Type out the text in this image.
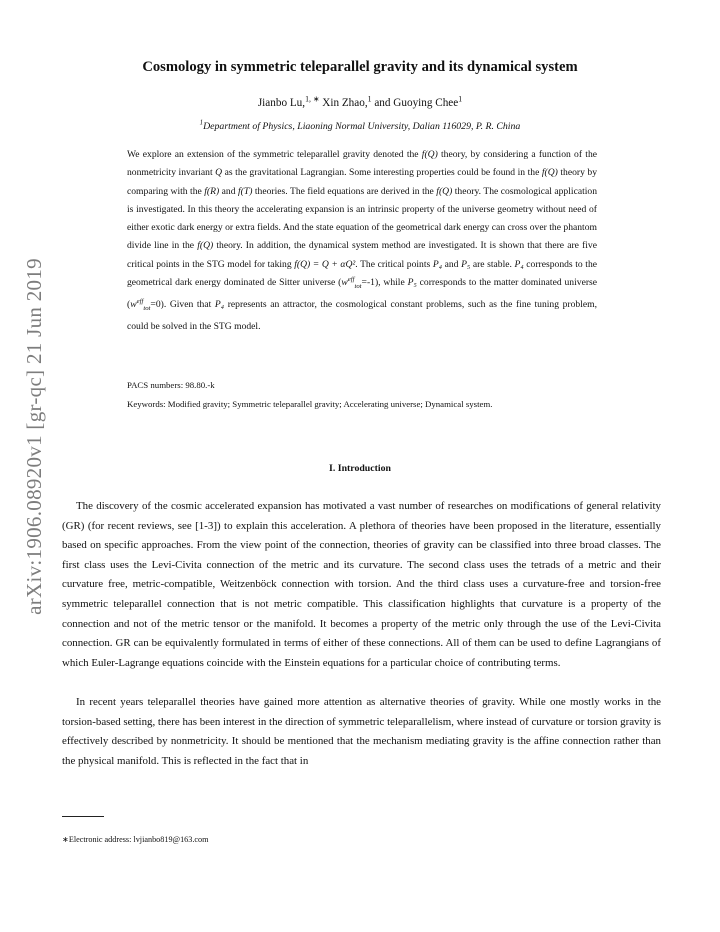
arXiv:1906.08920v1 [gr-qc] 21 Jun 2019
Cosmology in symmetric teleparallel gravity and its dynamical system
Jianbo Lu,$^{1, ∗}$ Xin Zhao,$^1$ and Guoying Chee$^1$
$^1$Department of Physics, Liaoning Normal University, Dalian 116029, P. R. China

We explore an extension of the symmetric teleparallel gravity denoted the f(Q) theory, by considering a function of the nonmetricity invariant Q as the gravitational Lagrangian. Some interesting properties could be found in the f(Q) theory by comparing with the f(R) and f(T) theories. The field equations are derived in the f(Q) theory. The cosmological application is investigated. In this theory the accelerating expansion is an intrinsic property of the universe geometry without need of either exotic dark energy or extra fields. And the state equation of the geometrical dark energy can cross over the phantom divide line in the f(Q) theory. In addition, the dynamical system method are investigated. It is shown that there are five critical points in the STG model for taking f(Q) = Q + αQ². The critical points P₄ and P₅ are stable. P₄ corresponds to the geometrical dark energy dominated de Sitter universe $(w^{eff}_{tot}=-1)$, while P₅ corresponds to the matter dominated universe $(w^{eff}_{tot}=0)$. Given that P₄ represents an attractor, the cosmological constant problems, such as the fine tuning problem, could be solved in the STG model.

PACS numbers: 98.80.-k
Keywords: Modified gravity; Symmetric teleparallel gravity; Accelerating universe; Dynamical system.
I. Introduction

The discovery of the cosmic accelerated expansion has motivated a vast number of researches on modifications of general relativity (GR) (for recent reviews, see [1-3]) to explain this acceleration. A plethora of theories have been proposed in the literature, essentially based on specific approaches. From the view point of the connection, theories of gravity can be classified into three broad classes. The first class uses the Levi-Civita connection of the metric and its curvature. The second class uses the tetrads of a metric and their curvature free, metric-compatible, Weitzenböck connection with torsion. And the third class uses a curvature-free and torsion-free symmetric teleparallel connection that is not metric compatible. This classification highlights that curvature is a property of the connection and not of the metric tensor or the manifold. It becomes a property of the metric only through the use of the Levi-Civita connection. GR can be equivalently formulated in terms of either of these connections. All of them can be used to define Lagrangians of which Euler-Lagrange equations coincide with the Einstein equations for a particular choice of contributing terms.

In recent years teleparallel theories have gained more attention as alternative theories of gravity. While one mostly works in the torsion-based setting, there has been interest in the direction of symmetric teleparallelism, where instead of curvature or torsion gravity is effectively described by nonmetricity. It should be mentioned that the mechanism mediating gravity is the affine connection rather than the physical manifold. This is reflected in the fact that in

∗Electronic address: lvjianbo819@163.com
